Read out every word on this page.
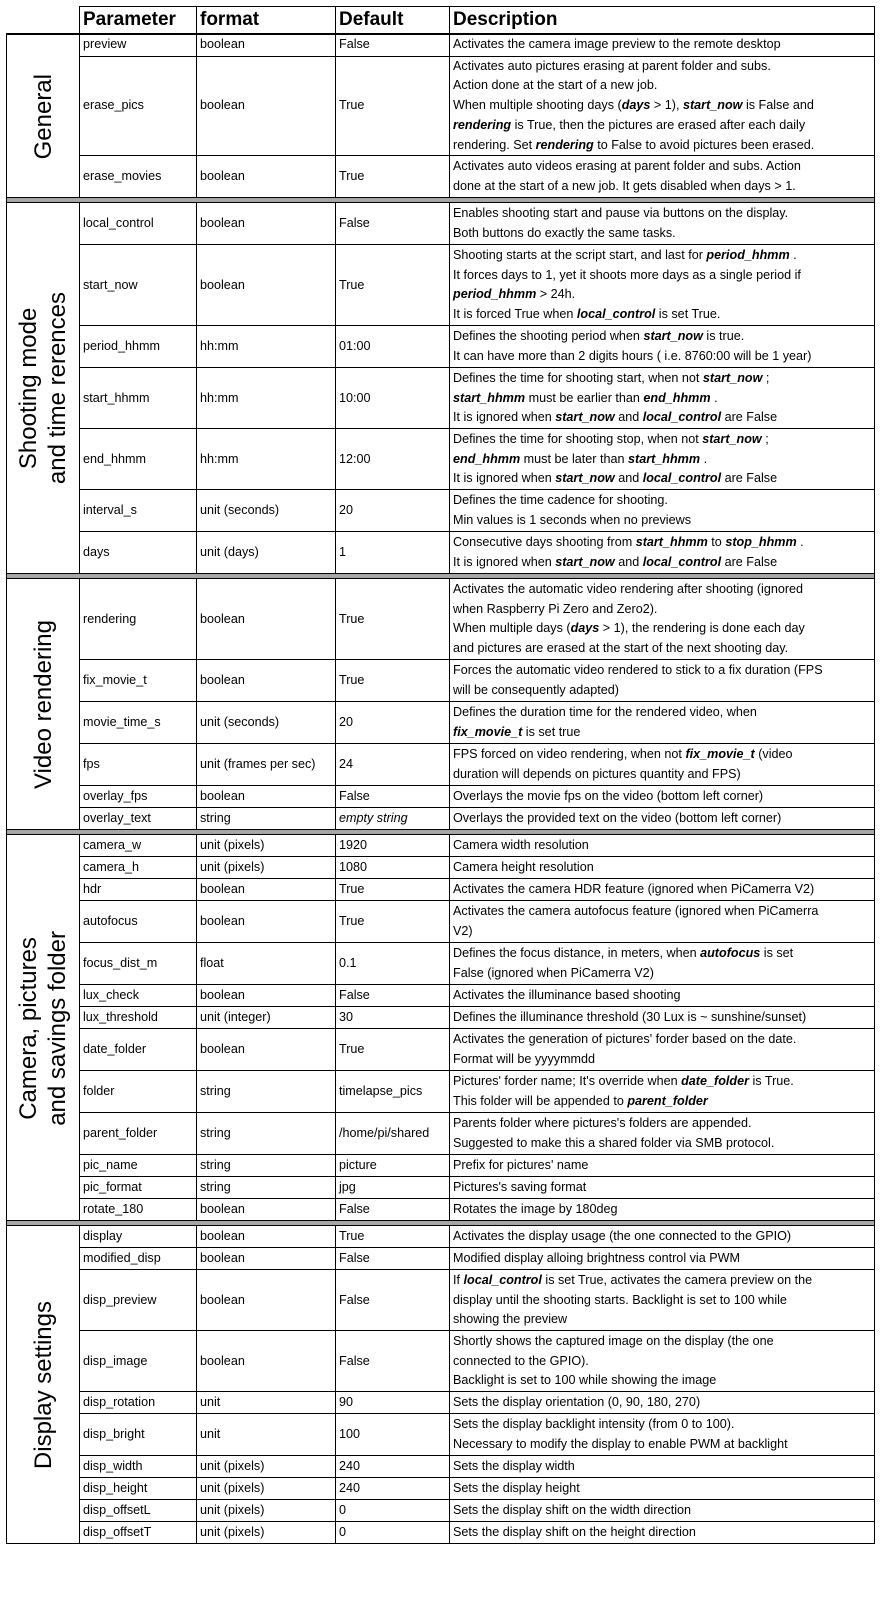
	Parameter	format	Default	Description

General	preview	boolean	False	Activates the camera image preview to the remote desktop
	erase_pics	boolean	True	Activates auto pictures erasing at parent folder and subs.
Action done at the start of a new job.
When multiple shooting days (days > 1), start_now is False and
rendering is True, then the pictures are erased after each daily
rendering. Set rendering to False to avoid pictures been erased.
	erase_movies	boolean	True	Activates auto videos erasing at parent folder and subs. Action
done at the start of a new job. It gets disabled when days > 1.

Shooting mode
and time rerences	local_control	boolean	False	Enables shooting start and pause via buttons on the display.
Both buttons do exactly the same tasks.
	start_now	boolean	True	Shooting starts at the script start, and last for period_hhmm .
It forces days to 1, yet it shoots more days as a single period if
period_hhmm > 24h.
It is forced True when local_control is set True.
	period_hhmm	hh:mm	01:00	Defines the shooting period when start_now is true.
It can have more than 2 digits hours ( i.e. 8760:00 will be 1 year)
	start_hhmm	hh:mm	10:00	Defines the time for shooting start, when not start_now ;
start_hhmm must be earlier than end_hhmm .
It is ignored when start_now and local_control are False
	end_hhmm	hh:mm	12:00	Defines the time for shooting stop, when not start_now ;
end_hhmm must be later than start_hhmm .
It is ignored when start_now and local_control are False
	interval_s	unit (seconds)	20	Defines the time cadence for shooting.
Min values is 1 seconds when no previews
	days	unit (days)	1	Consecutive days shooting from start_hhmm to stop_hhmm .
It is ignored when start_now and local_control are False

Video rendering	rendering	boolean	True	Activates the automatic video rendering after shooting (ignored
when Raspberry Pi Zero and Zero2).
When multiple days (days > 1), the rendering is done each day
and pictures are erased at the start of the next shooting day.
	fix_movie_t	boolean	True	Forces the automatic video rendered to stick to a fix duration (FPS
will be consequently adapted)
	movie_time_s	unit (seconds)	20	Defines the duration time for the rendered video, when
fix_movie_t is set true
	fps	unit (frames per sec)	24	FPS forced on video rendering, when not fix_movie_t (video
duration will depends on pictures quantity and FPS)
	overlay_fps	boolean	False	Overlays the movie fps on the video (bottom left corner)
	overlay_text	string	empty string	Overlays the provided text on the video (bottom left corner)

Camera, pictures
and savings folder	camera_w	unit (pixels)	1920	Camera width resolution
	camera_h	unit (pixels)	1080	Camera height resolution
	hdr	boolean	True	Activates the camera HDR feature (ignored when PiCamerra V2)
	autofocus	boolean	True	Activates the camera autofocus feature (ignored when PiCamerra
V2)
	focus_dist_m	float	0.1	Defines the focus distance, in meters, when autofocus is set
False (ignored when PiCamerra V2)
	lux_check	boolean	False	Activates the illuminance based shooting
	lux_threshold	unit (integer)	30	Defines the illuminance threshold (30 Lux is ~ sunshine/sunset)
	date_folder	boolean	True	Activates the generation of pictures' forder based on the date.
Format will be yyyymmdd
	folder	string	timelapse_pics	Pictures' forder name; It's override when date_folder is True.
This folder will be appended to parent_folder
	parent_folder	string	/home/pi/shared	Parents folder where pictures's folders are appended.
Suggested to make this a shared folder via SMB protocol.
	pic_name	string	picture	Prefix for pictures' name
	pic_format	string	jpg	Pictures's saving format
	rotate_180	boolean	False	Rotates the image by 180deg

Display settings	display	boolean	True	Activates the display usage (the one connected to the GPIO)
	modified_disp	boolean	False	Modified display alloing brightness control via PWM
	disp_preview	boolean	False	If local_control is set True, activates the camera preview on the
display until the shooting starts. Backlight is set to 100 while
showing the preview
	disp_image	boolean	False	Shortly shows the captured image on the display (the one
connected to the GPIO).
Backlight is set to 100 while showing the image
	disp_rotation	unit	90	Sets the display orientation (0, 90, 180, 270)
	disp_bright	unit	100	Sets the display backlight intensity (from 0 to 100).
Necessary to modify the display to enable PWM at backlight
	disp_width	unit (pixels)	240	Sets the display width
	disp_height	unit (pixels)	240	Sets the display height
	disp_offsetL	unit (pixels)	0	Sets the display shift on the width direction
	disp_offsetT	unit (pixels)	0	Sets the display shift on the height direction
